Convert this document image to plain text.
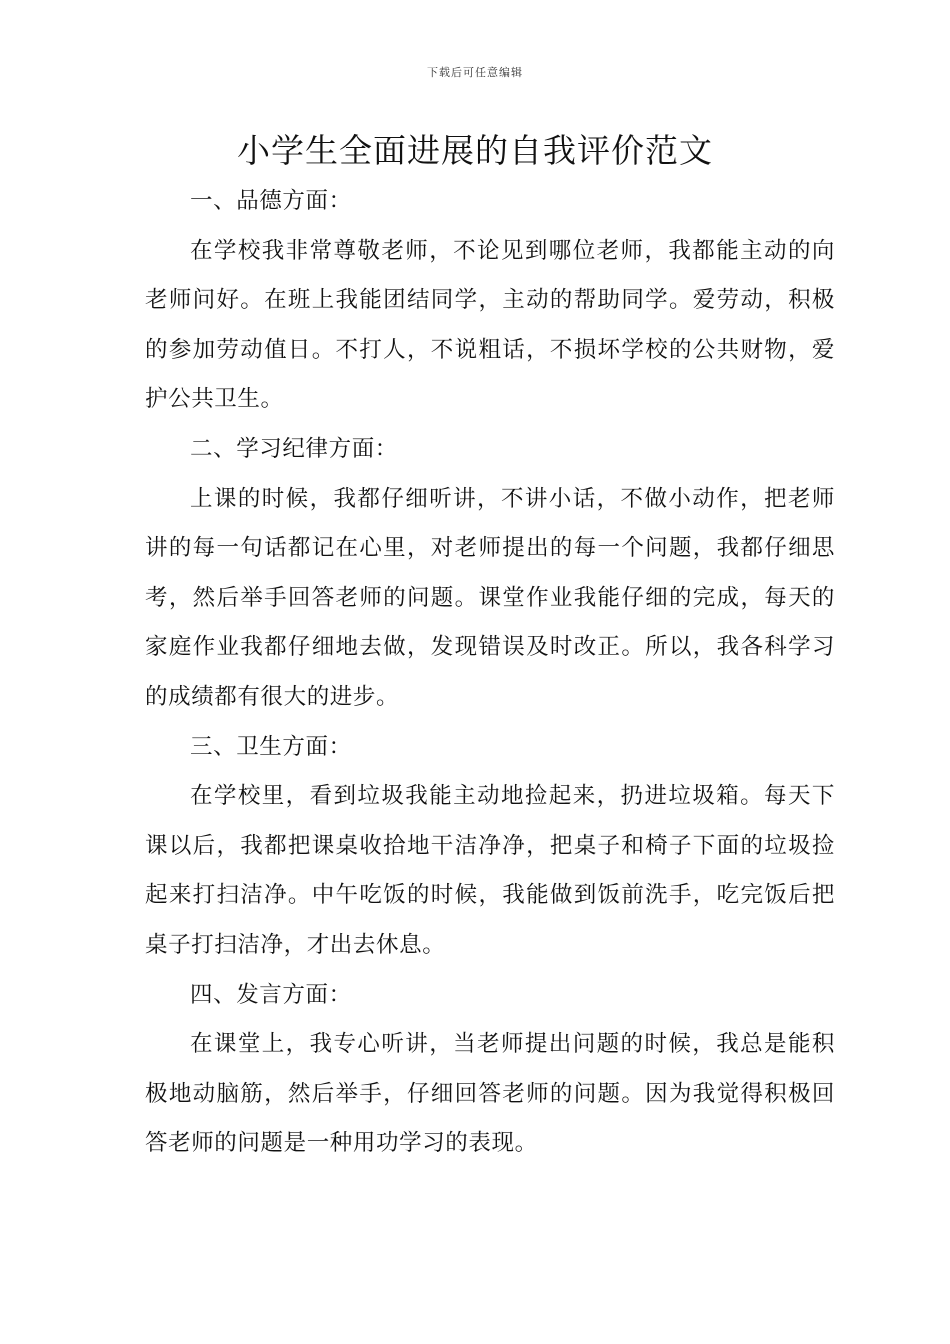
下载后可任意编辑
小学生全面进展的自我评价范文

一、品德方面：

在学校我非常尊敬老师，不论见到哪位老师，我都能主动的向老师问好。在班上我能团结同学，主动的帮助同学。爱劳动，积极的参加劳动值日。不打人，不说粗话，不损坏学校的公共财物，爱护公共卫生。

二、学习纪律方面：

上课的时候，我都仔细听讲，不讲小话，不做小动作，把老师讲的每一句话都记在心里，对老师提出的每一个问题，我都仔细思考，然后举手回答老师的问题。课堂作业我能仔细的完成，每天的家庭作业我都仔细地去做，发现错误及时改正。所以，我各科学习的成绩都有很大的进步。

三、卫生方面：

在学校里，看到垃圾我能主动地捡起来，扔进垃圾箱。每天下课以后，我都把课桌收拾地干洁净净，把桌子和椅子下面的垃圾捡起来打扫洁净。中午吃饭的时候，我能做到饭前洗手，吃完饭后把桌子打扫洁净，才出去休息。

四、发言方面：

在课堂上，我专心听讲，当老师提出问题的时候，我总是能积极地动脑筋，然后举手，仔细回答老师的问题。因为我觉得积极回答老师的问题是一种用功学习的表现。
